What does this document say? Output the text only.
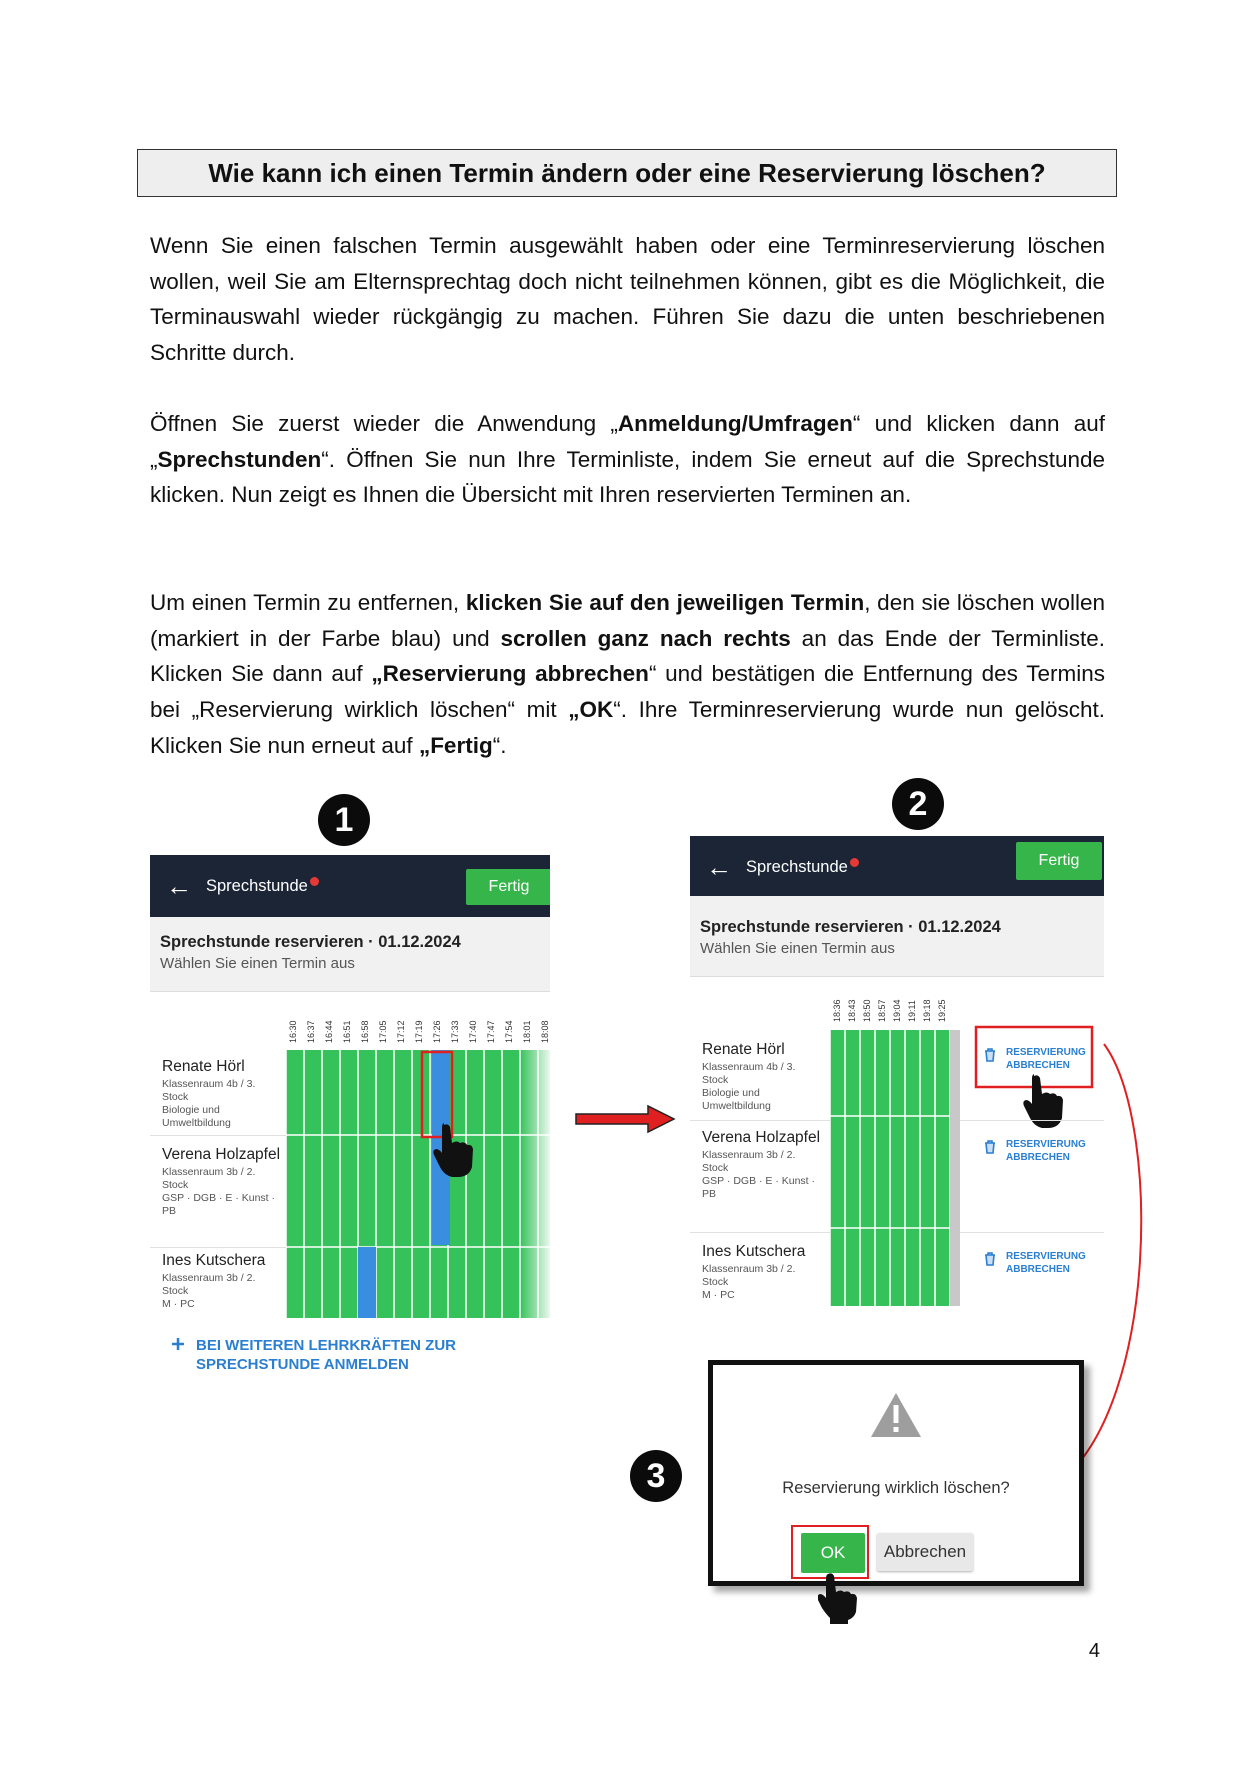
Wie kann ich einen Termin ändern oder eine Reservierung löschen?

Wenn Sie einen falschen Termin ausgewählt haben oder eine Terminreservierung löschen wollen, weil Sie am Elternsprechtag doch nicht teilnehmen können, gibt es die Möglichkeit, die Terminauswahl wieder rückgängig zu machen. Führen Sie dazu die unten beschriebenen Schritte durch.

Öffnen Sie zuerst wieder die Anwendung „Anmeldung/Umfragen“ und klicken dann auf „Sprechstunden“. Öffnen Sie nun Ihre Terminliste, indem Sie erneut auf die Sprechstunde klicken. Nun zeigt es Ihnen die Übersicht mit Ihren reservierten Terminen an.

Um einen Termin zu entfernen, klicken Sie auf den jeweiligen Termin, den sie löschen wollen (markiert in der Farbe blau) und scrollen ganz nach rechts an das Ende der Terminliste. Klicken Sie dann auf „Reservierung abbrechen“ und bestätigen die Entfernung des Termins bei „Reservierung wirklich löschen“ mit „OK“. Ihre Terminreservierung wurde nun gelöscht. Klicken Sie nun erneut auf „Fertig“.

1	2
3
← Sprechstunde	Fertig
Sprechstunde reservieren · 01.12.2024
Wählen Sie einen Termin aus
16:30 16:37 16:44 16:51 16:58 17:05 17:12 17:19 17:26 17:33 17:40 17:47 17:54 18:01 18:08
Renate Hörl
Klassenraum 4b / 3.
Stock
Biologie und
Umweltbildung
Verena Holzapfel
Klassenraum 3b / 2.
Stock
GSP · DGB · E · Kunst ·
PB
Ines Kutschera
Klassenraum 3b / 2.
Stock
M · PC
BEI WEITEREN LEHRKRÄFTEN ZUR
SPRECHSTUNDE ANMELDEN
← Sprechstunde	Fertig
Sprechstunde reservieren · 01.12.2024
Wählen Sie einen Termin aus
18:36 18:43 18:50 18:57 19:04 19:11 19:18 19:25
Renate Hörl
Klassenraum 4b / 3.
Stock
Biologie und
Umweltbildung
Verena Holzapfel
Klassenraum 3b / 2.
Stock
GSP · DGB · E · Kunst ·
PB
Ines Kutschera
Klassenraum 3b / 2.
Stock
M · PC
RESERVIERUNG
ABBRECHEN
RESERVIERUNG
ABBRECHEN
RESERVIERUNG
ABBRECHEN
Reservierung wirklich löschen?
OK	Abbrechen
4
